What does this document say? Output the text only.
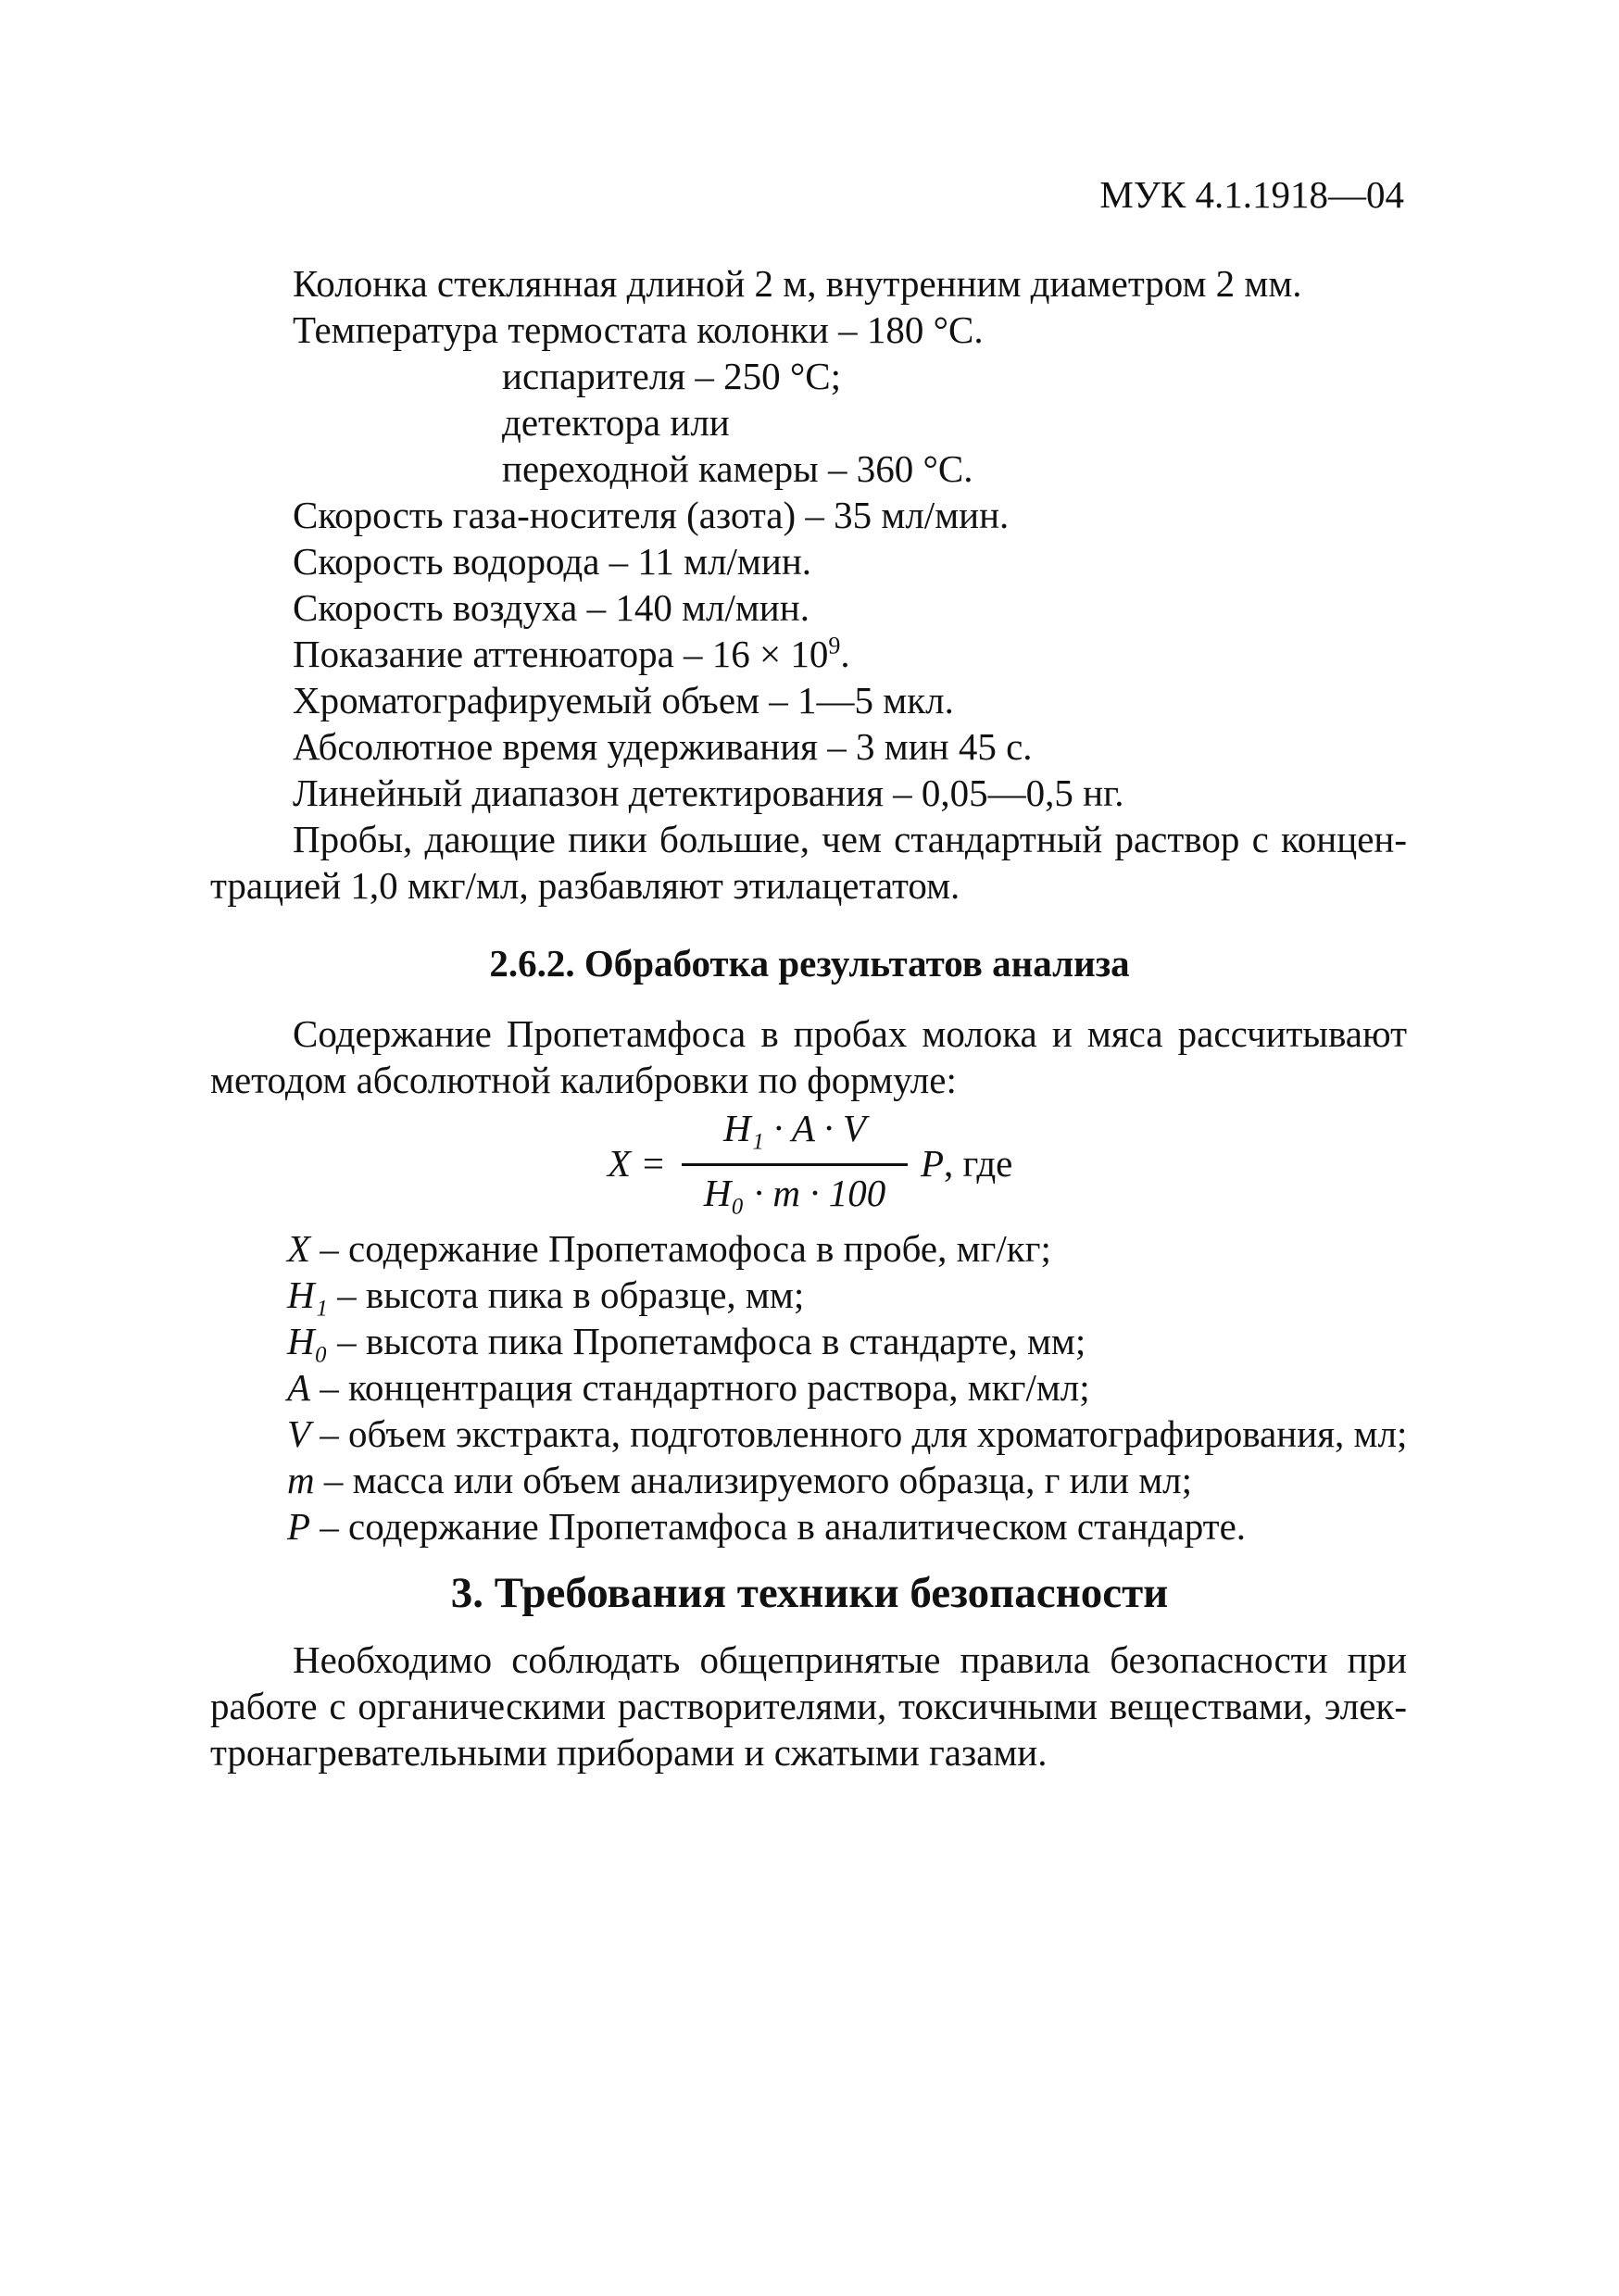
МУК 4.1.1918—04
Колонка стеклянная длиной 2 м, внутренним диаметром 2 мм.
Температура термостата колонки – 180 °С.
испарителя – 250 °С;
детектора или
переходной камеры – 360 °С.
Скорость газа-носителя (азота) – 35 мл/мин.
Скорость водорода – 11 мл/мин.
Скорость воздуха – 140 мл/мин.
Показание аттенюатора – $16 \times 10^9$.
Хроматографируемый объем – 1—5 мкл.
Абсолютное время удерживания – 3 мин 45 с.
Линейный диапазон детектирования – 0,05—0,5 нг.
Пробы, дающие пики большие, чем стандартный раствор с концен-
трацией 1,0 мкг/мл, разбавляют этилацетатом.
2.6.2. Обработка результатов анализа
Содержание Пропетамфоса в пробах молока и мяса рассчитывают
методом абсолютной калибровки по формуле:
X =
H₁ · A · V
H₀ · m · 100
P, где
X – содержание Пропетамофоса в пробе, мг/кг;
H₁ – высота пика в образце, мм;
H₀ – высота пика Пропетамфоса в стандарте, мм;
A – концентрация стандартного раствора, мкг/мл;
V – объем экстракта, подготовленного для хроматографирования, мл;
m – масса или объем анализируемого образца, г или мл;
P – содержание Пропетамфоса в аналитическом стандарте.
3. Требования техники безопасности
Необходимо соблюдать общепринятые правила безопасности при
работе с органическими растворителями, токсичными веществами, элек-
тронагревательными приборами и сжатыми газами.
